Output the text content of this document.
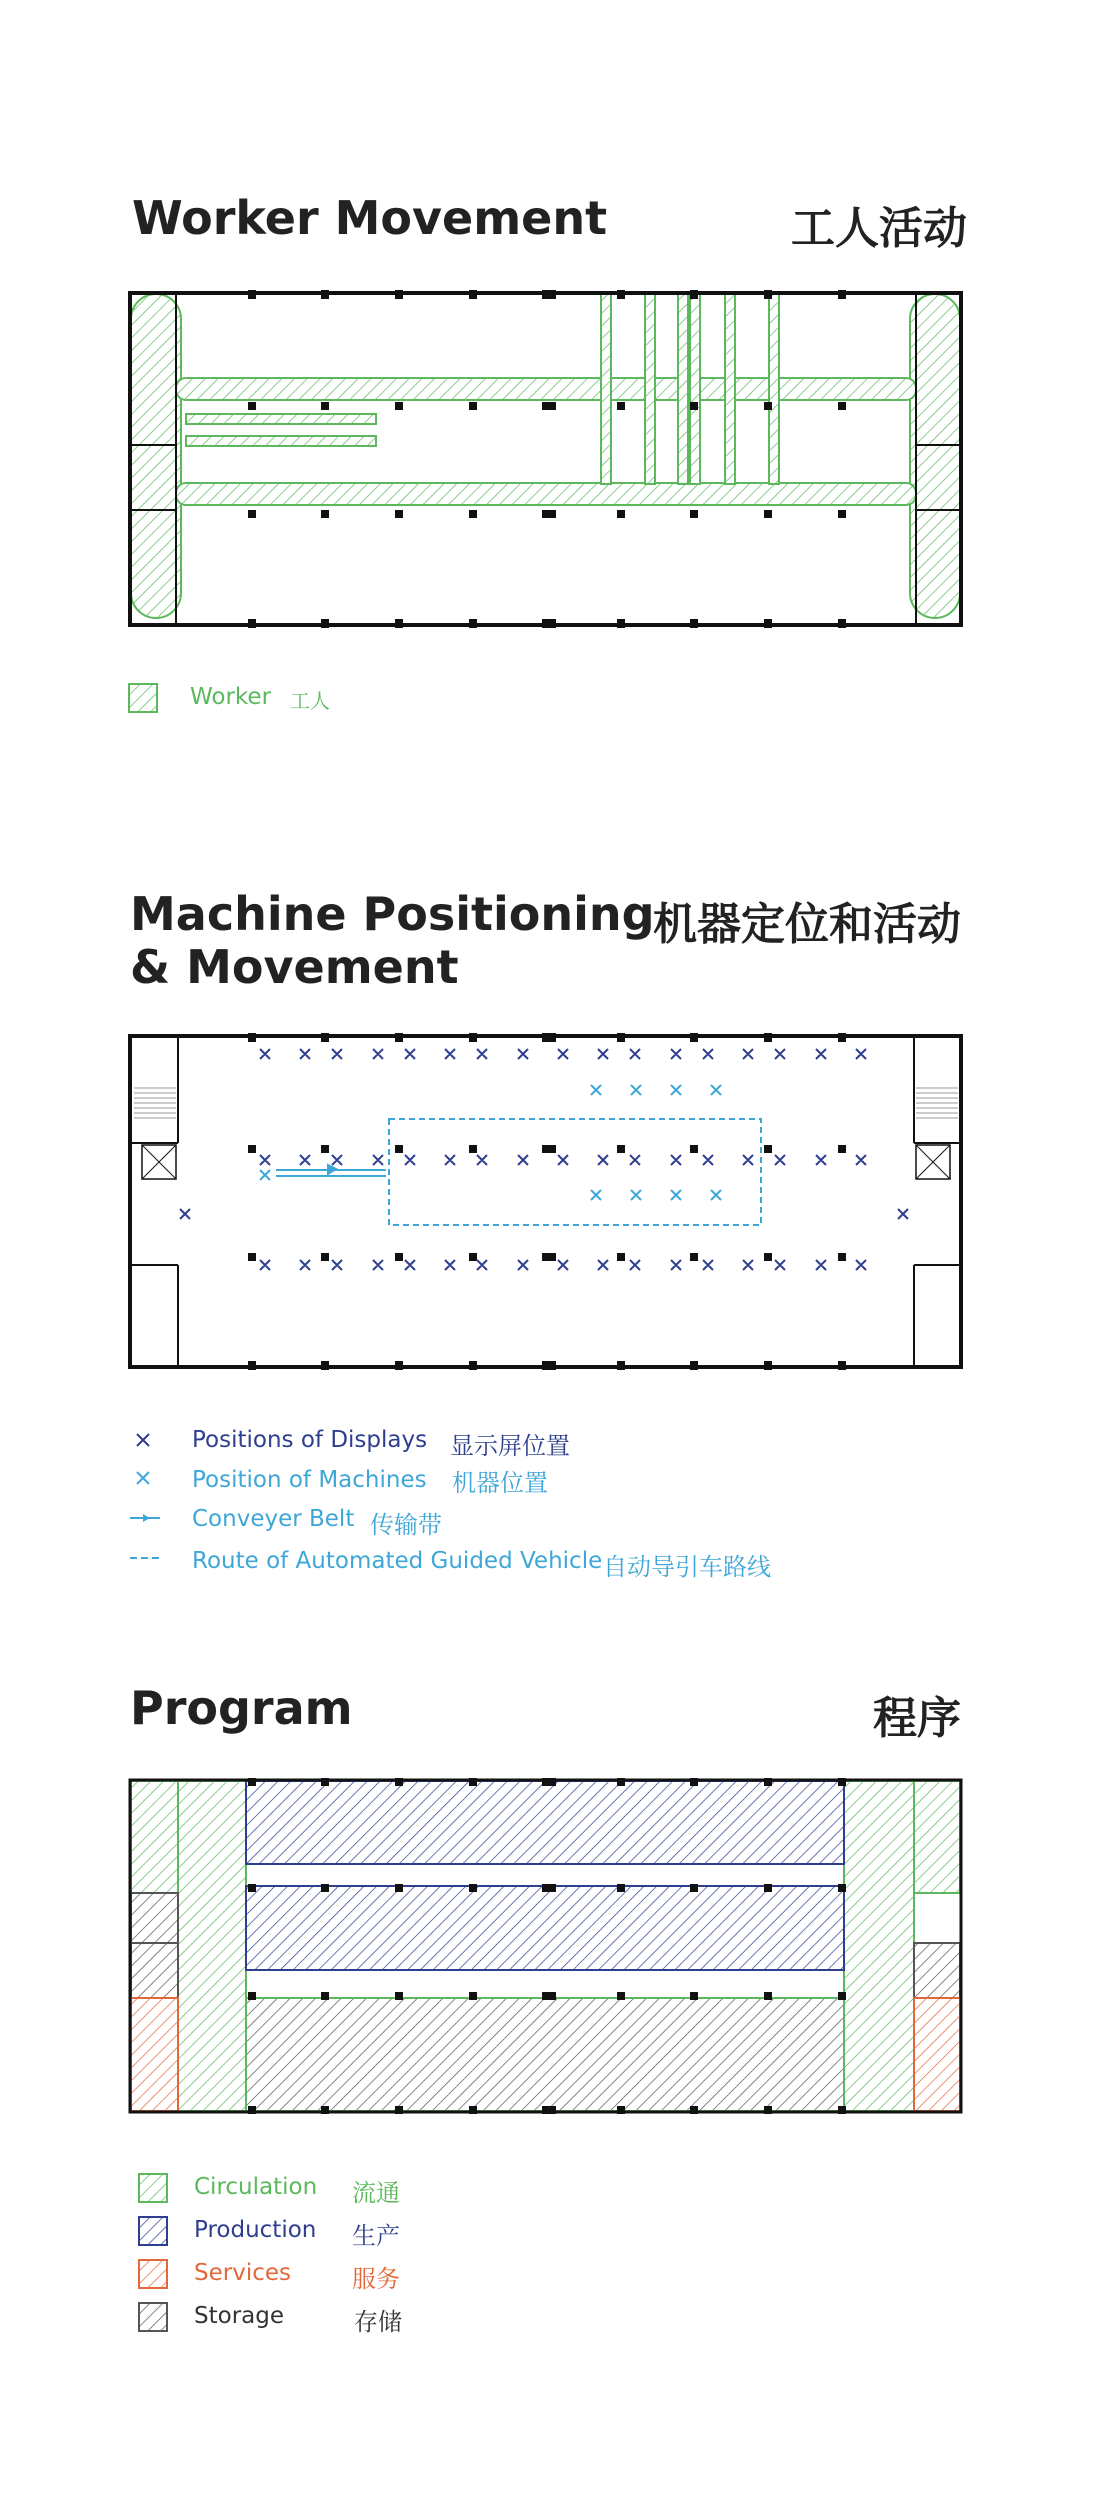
Worker Movement	工人活动
Worker 工人
Machine Positioning
& Movement
机器定位和活动
Positions of Displays 显示屏位置
Position of Machines 机器位置
Conveyer Belt 传输带
Route of Automated Guided Vehicle 自动导引车路线
Program	程序
Circulation 流通
Production 生产
Services	服务
Storage	存储
